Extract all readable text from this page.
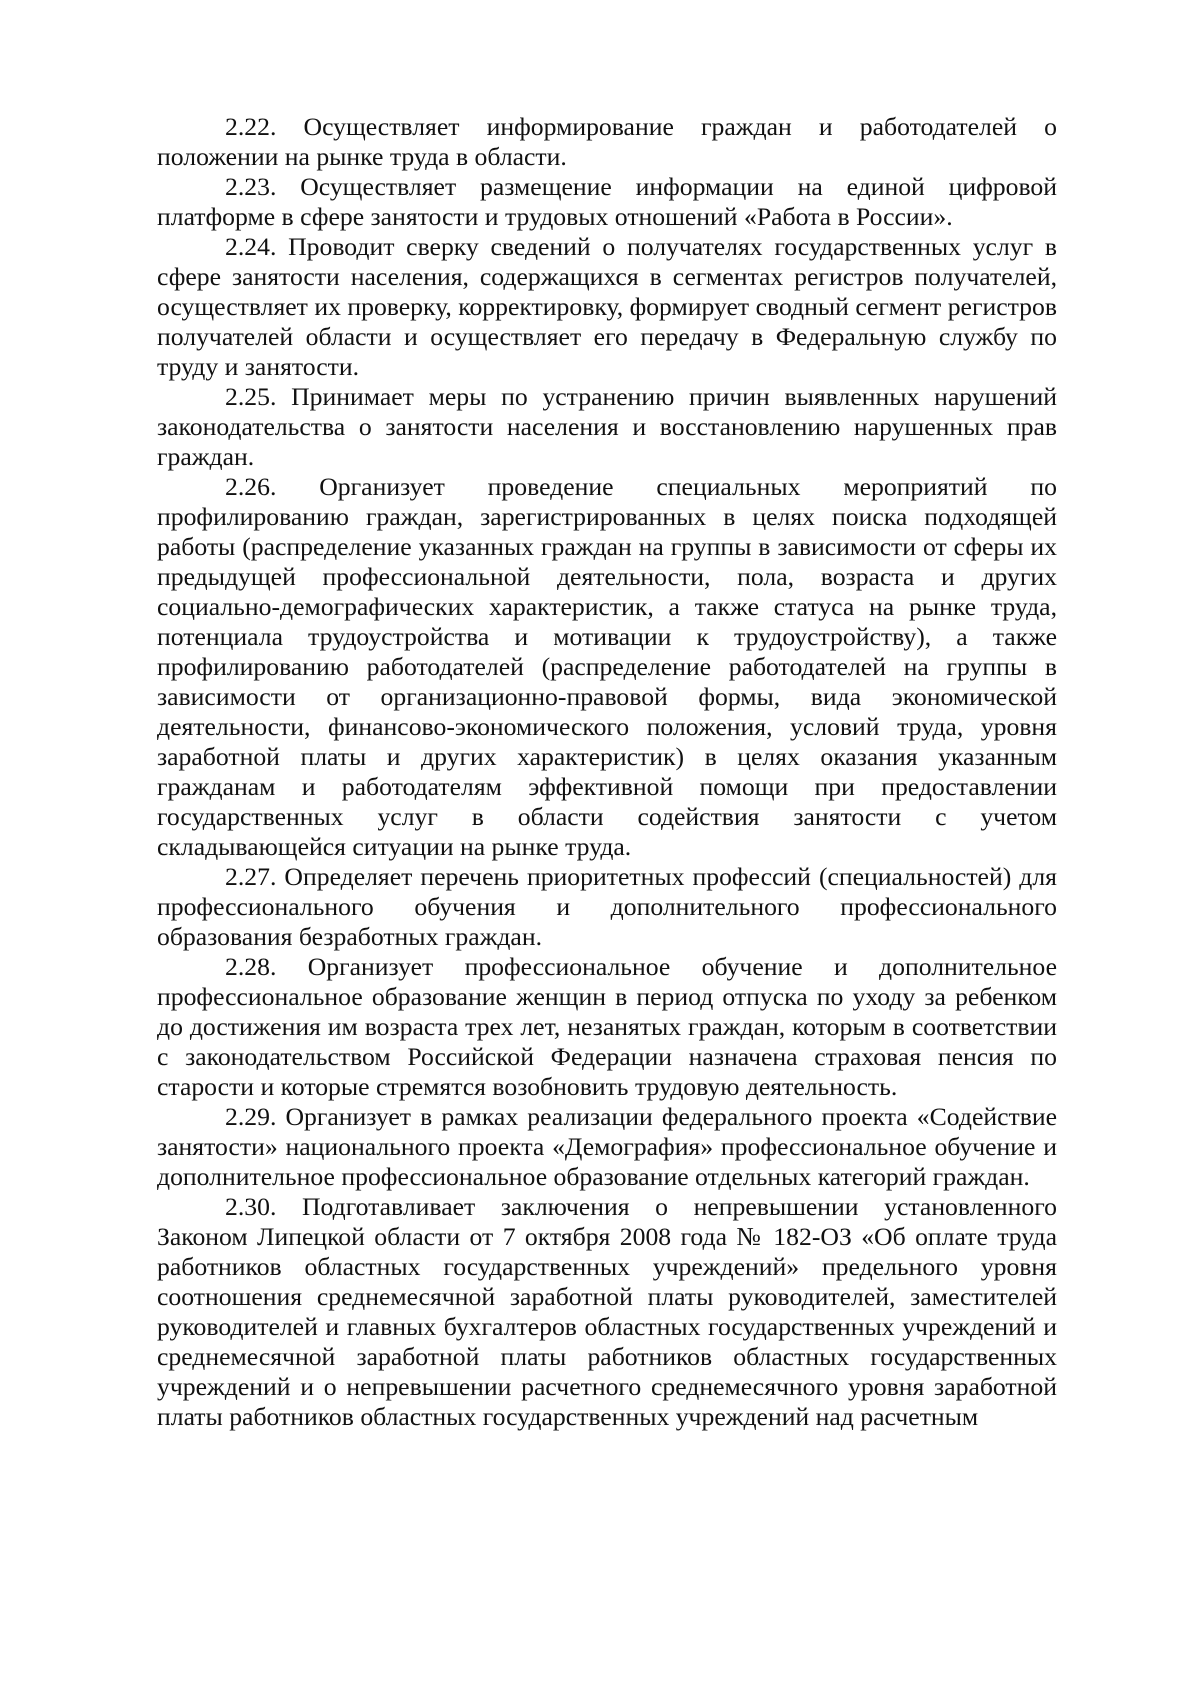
2.22. Осуществляет информирование граждан и работодателей о положении на рынке труда в области.

2.23. Осуществляет размещение информации на единой цифровой платформе в сфере занятости и трудовых отношений «Работа в России».

2.24. Проводит сверку сведений о получателях государственных услуг в сфере занятости населения, содержащихся в сегментах регистров получателей, осуществляет их проверку, корректировку, формирует сводный сегмент регистров получателей области и осуществляет его передачу в Федеральную службу по труду и занятости.

2.25. Принимает меры по устранению причин выявленных нарушений законодательства о занятости населения и восстановлению нарушенных прав граждан.

2.26. Организует проведение специальных мероприятий по профилированию граждан, зарегистрированных в целях поиска подходящей работы (распределение указанных граждан на группы в зависимости от сферы их предыдущей профессиональной деятельности, пола, возраста и других социально-демографических характеристик, а также статуса на рынке труда, потенциала трудоустройства и мотивации к трудоустройству), а также профилированию работодателей (распределение работодателей на группы в зависимости от организационно-правовой формы, вида экономической деятельности, финансово-экономического положения, условий труда, уровня заработной платы и других характеристик) в целях оказания указанным гражданам и работодателям эффективной помощи при предоставлении государственных услуг в области содействия занятости с учетом складывающейся ситуации на рынке труда.

2.27. Определяет перечень приоритетных профессий (специальностей) для профессионального обучения и дополнительного профессионального образования безработных граждан.

2.28. Организует профессиональное обучение и дополнительное профессиональное образование женщин в период отпуска по уходу за ребенком до достижения им возраста трех лет, незанятых граждан, которым в соответствии с законодательством Российской Федерации назначена страховая пенсия по старости и которые стремятся возобновить трудовую деятельность.

2.29. Организует в рамках реализации федерального проекта «Содействие занятости» национального проекта «Демография» профессиональное обучение и дополнительное профессиональное образование отдельных категорий граждан.

2.30. Подготавливает заключения о непревышении установленного Законом Липецкой области от 7 октября 2008 года № 182-ОЗ «Об оплате труда работников областных государственных учреждений» предельного уровня соотношения среднемесячной заработной платы руководителей, заместителей руководителей и главных бухгалтеров областных государственных учреждений и среднемесячной заработной платы работников областных государственных учреждений и о непревышении расчетного среднемесячного уровня заработной платы работников областных государственных учреждений над расчетным
